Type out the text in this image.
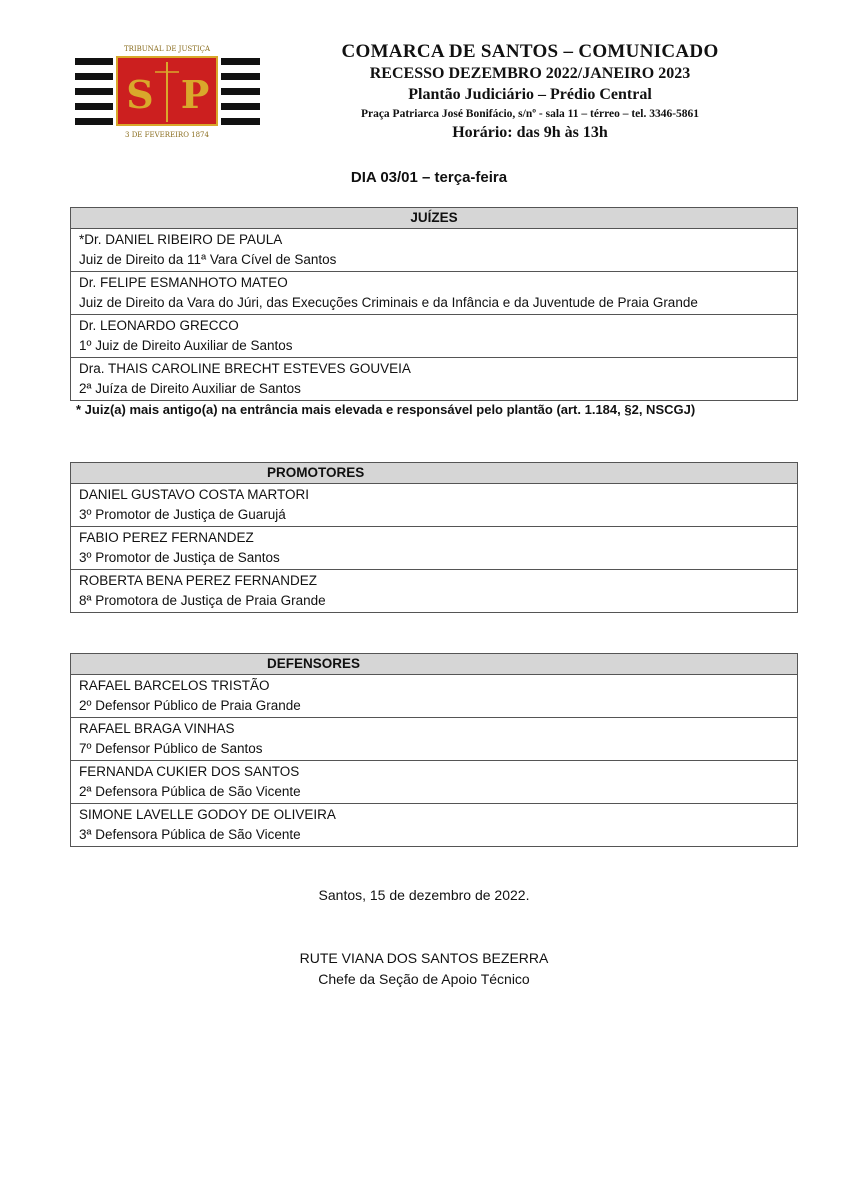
TRIBUNAL DE JUSTIÇA
S P
3 DE FEVEREIRO 1874
COMARCA DE SANTOS – COMUNICADO
RECESSO DEZEMBRO 2022/JANEIRO 2023
Plantão Judiciário – Prédio Central
Praça Patriarca José Bonifácio, s/nº - sala 11 – térreo – tel. 3346-5861
Horário: das 9h às 13h
DIA 03/01 – terça-feira
JUÍZES
*Dr. DANIEL RIBEIRO DE PAULA
Juiz de Direito da 11ª Vara Cível de Santos
Dr. FELIPE ESMANHOTO MATEO
Juiz de Direito da Vara do Júri, das Execuções Criminais e da Infância e da Juventude de Praia Grande
Dr. LEONARDO GRECCO
1º Juiz de Direito Auxiliar de Santos
Dra. THAIS CAROLINE BRECHT ESTEVES GOUVEIA
2ª Juíza de Direito Auxiliar de Santos
* Juiz(a) mais antigo(a) na entrância mais elevada e responsável pelo plantão (art. 1.184, §2, NSCGJ)
PROMOTORES
DANIEL GUSTAVO COSTA MARTORI
3º Promotor de Justiça de Guarujá
FABIO PEREZ FERNANDEZ
3º Promotor de Justiça de Santos
ROBERTA BENA PEREZ FERNANDEZ
8ª Promotora de Justiça de Praia Grande
DEFENSORES
RAFAEL BARCELOS TRISTÃO
2º Defensor Público de Praia Grande
RAFAEL BRAGA VINHAS
7º Defensor Público de Santos
FERNANDA CUKIER DOS SANTOS
2ª Defensora Pública de São Vicente
SIMONE LAVELLE GODOY DE OLIVEIRA
3ª Defensora Pública de São Vicente
Santos, 15 de dezembro de 2022.
RUTE VIANA DOS SANTOS BEZERRA
Chefe da Seção de Apoio Técnico
